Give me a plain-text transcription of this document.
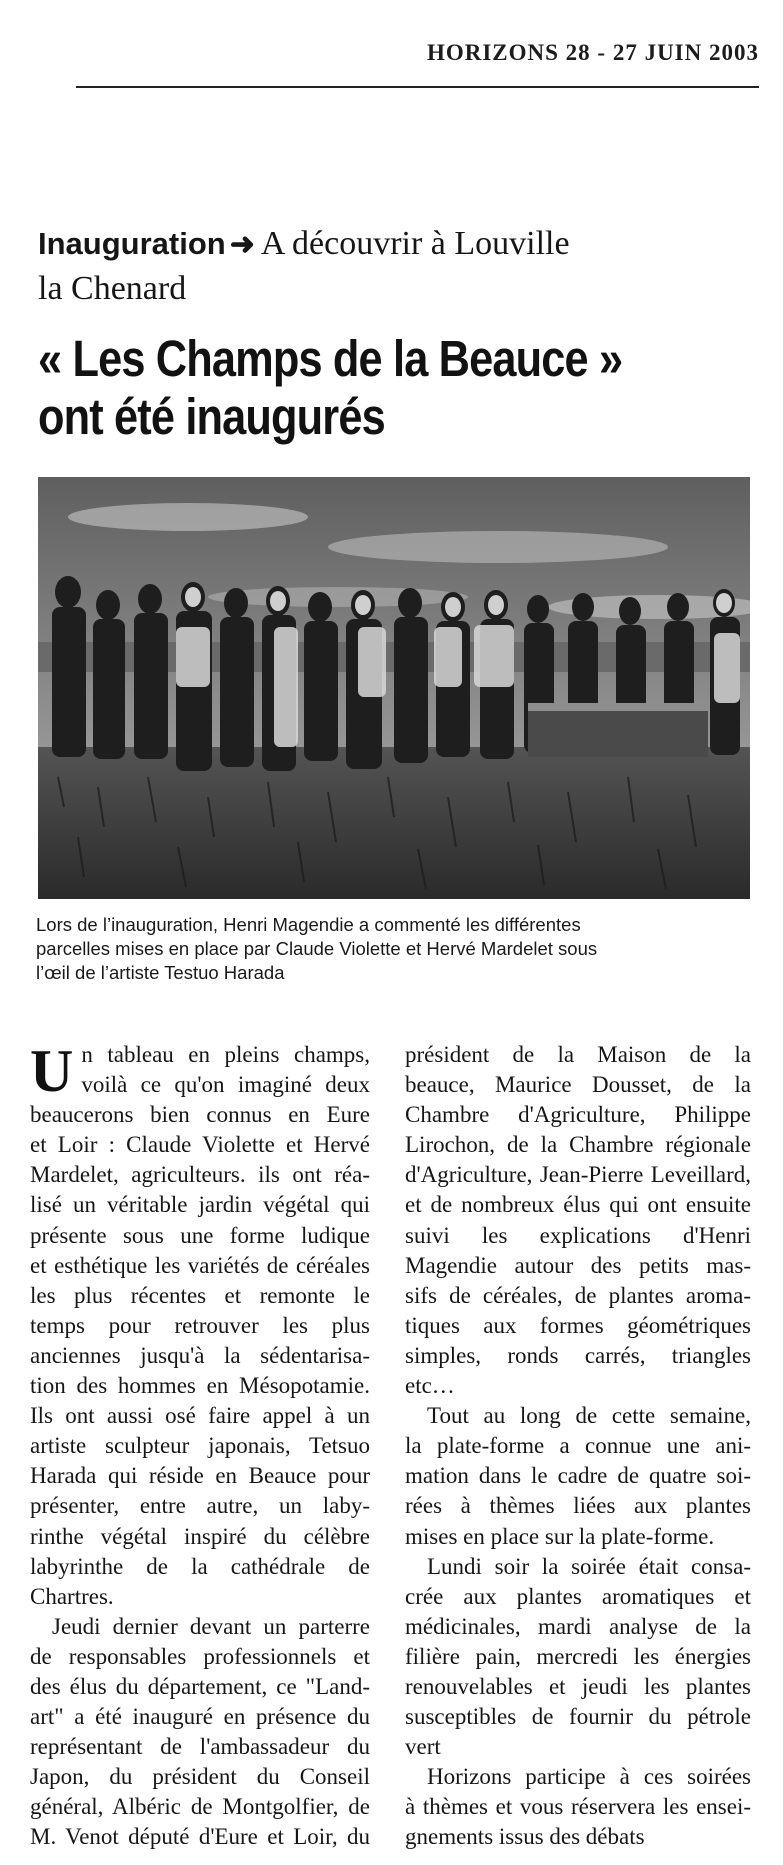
HORIZONS 28 - 27 JUIN 2003
Inauguration ➜ A découvrir à Louville
la Chenard
« Les Champs de la Beauce »
ont été inaugurés
Lors de l’inauguration, Henri Magendie a commenté les différentes
parcelles mises en place par Claude Violette et Hervé Mardelet sous
l’œil de l’artiste Testuo Harada
U n tableau en pleins champs,
voilà ce qu'on imaginé deux
beaucerons bien connus en Eure
et Loir : Claude Violette et Hervé
Mardelet, agriculteurs. ils ont réa-
lisé un véritable jardin végétal qui
présente sous une forme ludique
et esthétique les variétés de céréales
les plus récentes et remonte le
temps pour retrouver les plus
anciennes jusqu'à la sédentarisa-
tion des hommes en Mésopotamie.
Ils ont aussi osé faire appel à un
artiste sculpteur japonais, Tetsuo
Harada qui réside en Beauce pour
présenter, entre autre, un laby-
rinthe végétal inspiré du célèbre
labyrinthe de la cathédrale de
Chartres.
Jeudi dernier devant un parterre
de responsables professionnels et
des élus du département, ce "Land-
art" a été inauguré en présence du
représentant de l'ambassadeur du
Japon, du président du Conseil
général, Albéric de Montgolfier, de
M. Venot député d'Eure et Loir, du
président de la Maison de la
beauce, Maurice Dousset, de la
Chambre d'Agriculture, Philippe
Lirochon, de la Chambre régionale
d'Agriculture, Jean-Pierre Leveillard,
et de nombreux élus qui ont ensuite
suivi les explications d'Henri
Magendie autour des petits mas-
sifs de céréales, de plantes aroma-
tiques aux formes géométriques
simples, ronds carrés, triangles
etc…
Tout au long de cette semaine,
la plate-forme a connue une ani-
mation dans le cadre de quatre soi-
rées à thèmes liées aux plantes
mises en place sur la plate-forme.
Lundi soir la soirée était consa-
crée aux plantes aromatiques et
médicinales, mardi analyse de la
filière pain, mercredi les énergies
renouvelables et jeudi les plantes
susceptibles de fournir du pétrole
vert
Horizons participe à ces soirées
à thèmes et vous réservera les ensei-
gnements issus des débats
